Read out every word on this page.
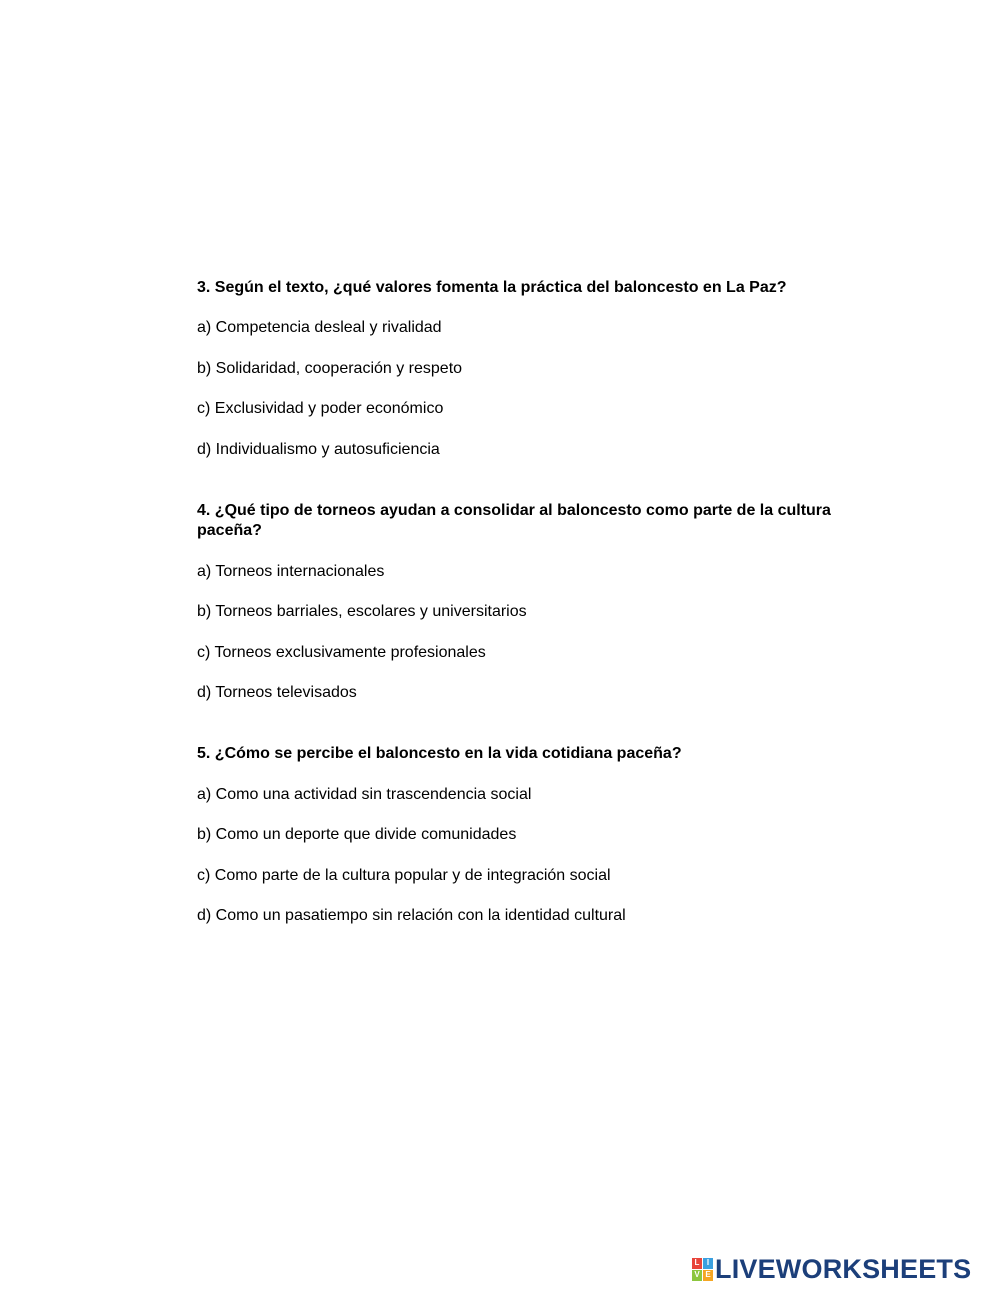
3. Según el texto, ¿qué valores fomenta la práctica del baloncesto en La Paz?
a) Competencia desleal y rivalidad
b) Solidaridad, cooperación y respeto
c) Exclusividad y poder económico
d) Individualismo y autosuficiencia
4. ¿Qué tipo de torneos ayudan a consolidar al baloncesto como parte de la cultura paceña?
a) Torneos internacionales
b) Torneos barriales, escolares y universitarios
c) Torneos exclusivamente profesionales
d) Torneos televisados
5. ¿Cómo se percibe el baloncesto en la vida cotidiana paceña?
a) Como una actividad sin trascendencia social
b) Como un deporte que divide comunidades
c) Como parte de la cultura popular y de integración social
d) Como un pasatiempo sin relación con la identidad cultural
L I
V E LIVEWORKSHEETS
